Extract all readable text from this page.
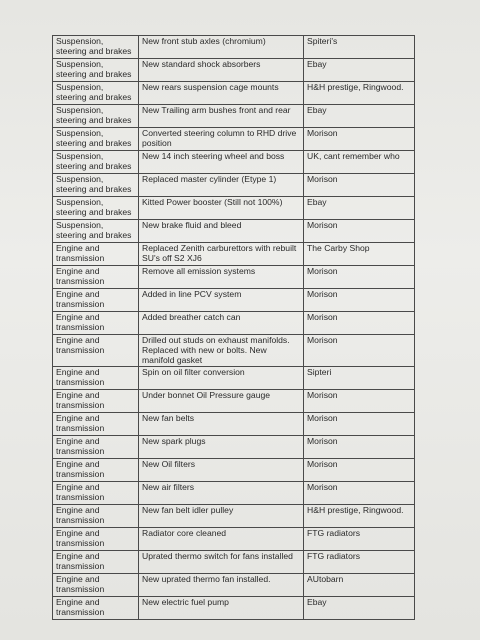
Suspension, steering and brakes	New front stub axles (chromium)	Spiteri's
Suspension, steering and brakes	New standard shock absorbers	Ebay
Suspension, steering and brakes	New rears suspension cage mounts	H&H prestige, Ringwood.
Suspension, steering and brakes	New Trailing arm bushes front and rear	Ebay
Suspension, steering and brakes	Converted steering column to RHD drive position	Morison
Suspension, steering and brakes	New 14 inch steering wheel and boss	UK, cant remember who
Suspension, steering and brakes	Replaced master cylinder (Etype 1)	Morison
Suspension, steering and brakes	Kitted Power booster (Still not 100%)	Ebay
Suspension, steering and brakes	New brake fluid and bleed	Morison
Engine and transmission	Replaced Zenith carburettors with rebuilt SU's off S2 XJ6	The Carby Shop
Engine and transmission	Remove all emission systems	Morison
Engine and transmission	Added in line PCV system	Morison
Engine and transmission	Added breather catch can	Morison
Engine and transmission	Drilled out studs on exhaust manifolds. Replaced with new or bolts. New manifold gasket	Morison
Engine and transmission	Spin on oil filter conversion	Sipteri
Engine and transmission	Under bonnet Oil Pressure gauge	Morison
Engine and transmission	New fan belts	Morison
Engine and transmission	New spark plugs	Morison
Engine and transmission	New Oil filters	Morison
Engine and transmission	New air filters	Morison
Engine and transmission	New fan belt idler pulley	H&H prestige, Ringwood.
Engine and transmission	Radiator core cleaned	FTG radiators
Engine and transmission	Uprated thermo switch for fans installed	FTG radiators
Engine and transmission	New uprated thermo fan installed.	AUtobarn
Engine and transmission	New electric fuel pump	Ebay
